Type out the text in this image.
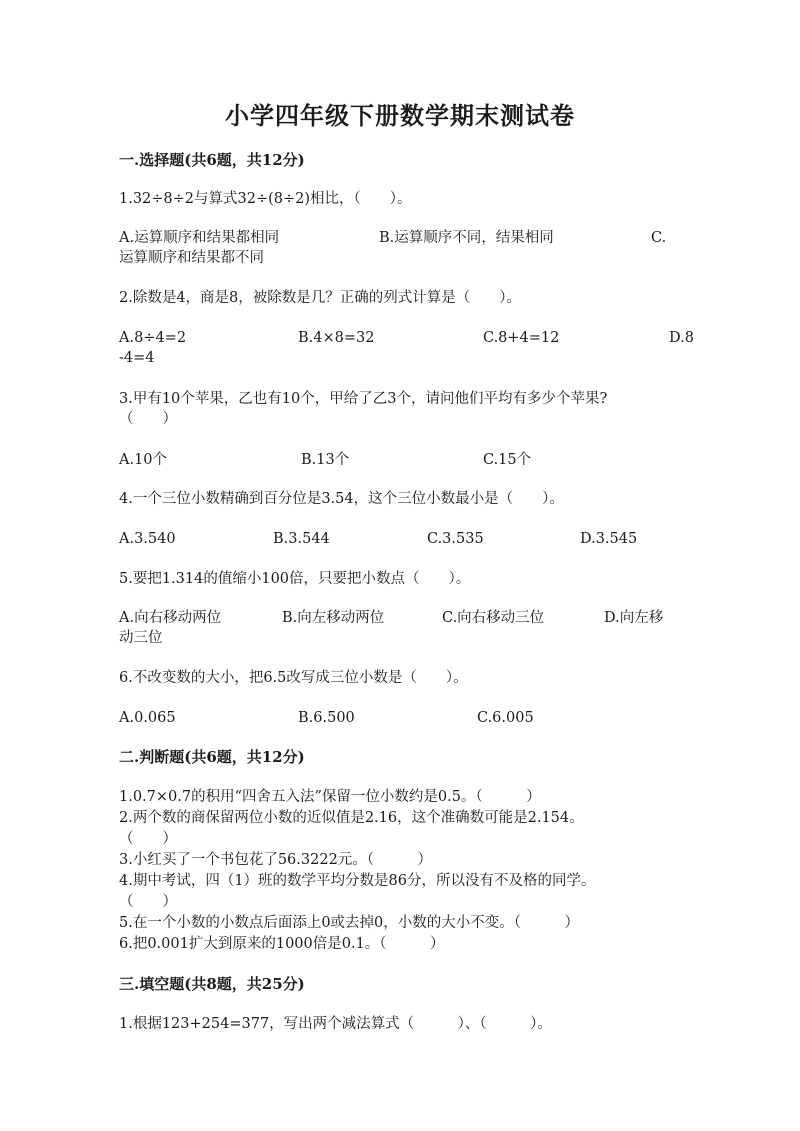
小学四年级下册数学期末测试卷
一.选择题(共6题，共12分)
1.32÷8÷2与算式32÷(8÷2)相比，（　　）。
A.运算顺序和结果都相同	B.运算顺序不同，结果相同	C.
运算顺序和结果都不同
2.除数是4，商是8，被除数是几？正确的列式计算是（　　）。
A.8÷4=2	B.4×8=32	C.8+4=12	D.8
-4=4
3.甲有10个苹果，乙也有10个，甲给了乙3个，请问他们平均有多少个苹果?
（　　）
A.10个	B.13个	C.15个
4.一个三位小数精确到百分位是3.54，这个三位小数最小是（　　）。
A.3.540	B.3.544	C.3.535	D.3.545
5.要把1.314的值缩小100倍，只要把小数点（　　）。
A.向右移动两位	B.向左移动两位	C.向右移动三位	D.向左移
动三位
6.不改变数的大小，把6.5改写成三位小数是（　　）。
A.0.065	B.6.500	C.6.005
二.判断题(共6题，共12分)
1.0.7×0.7的积用“四舍五入法”保留一位小数约是0.5。（　　　）
2.两个数的商保留两位小数的近似值是2.16，这个准确数可能是2.154。
（　　）
3.小红买了一个书包花了56.3222元。（　　　）
4.期中考试，四（1）班的数学平均分数是86分，所以没有不及格的同学。
（　　）
5.在一个小数的小数点后面添上0或去掉0，小数的大小不变。（　　　）
6.把0.001扩大到原来的1000倍是0.1。（　　　）
三.填空题(共8题，共25分)
1.根据123+254=377，写出两个减法算式（　　　）、（　　　）。
